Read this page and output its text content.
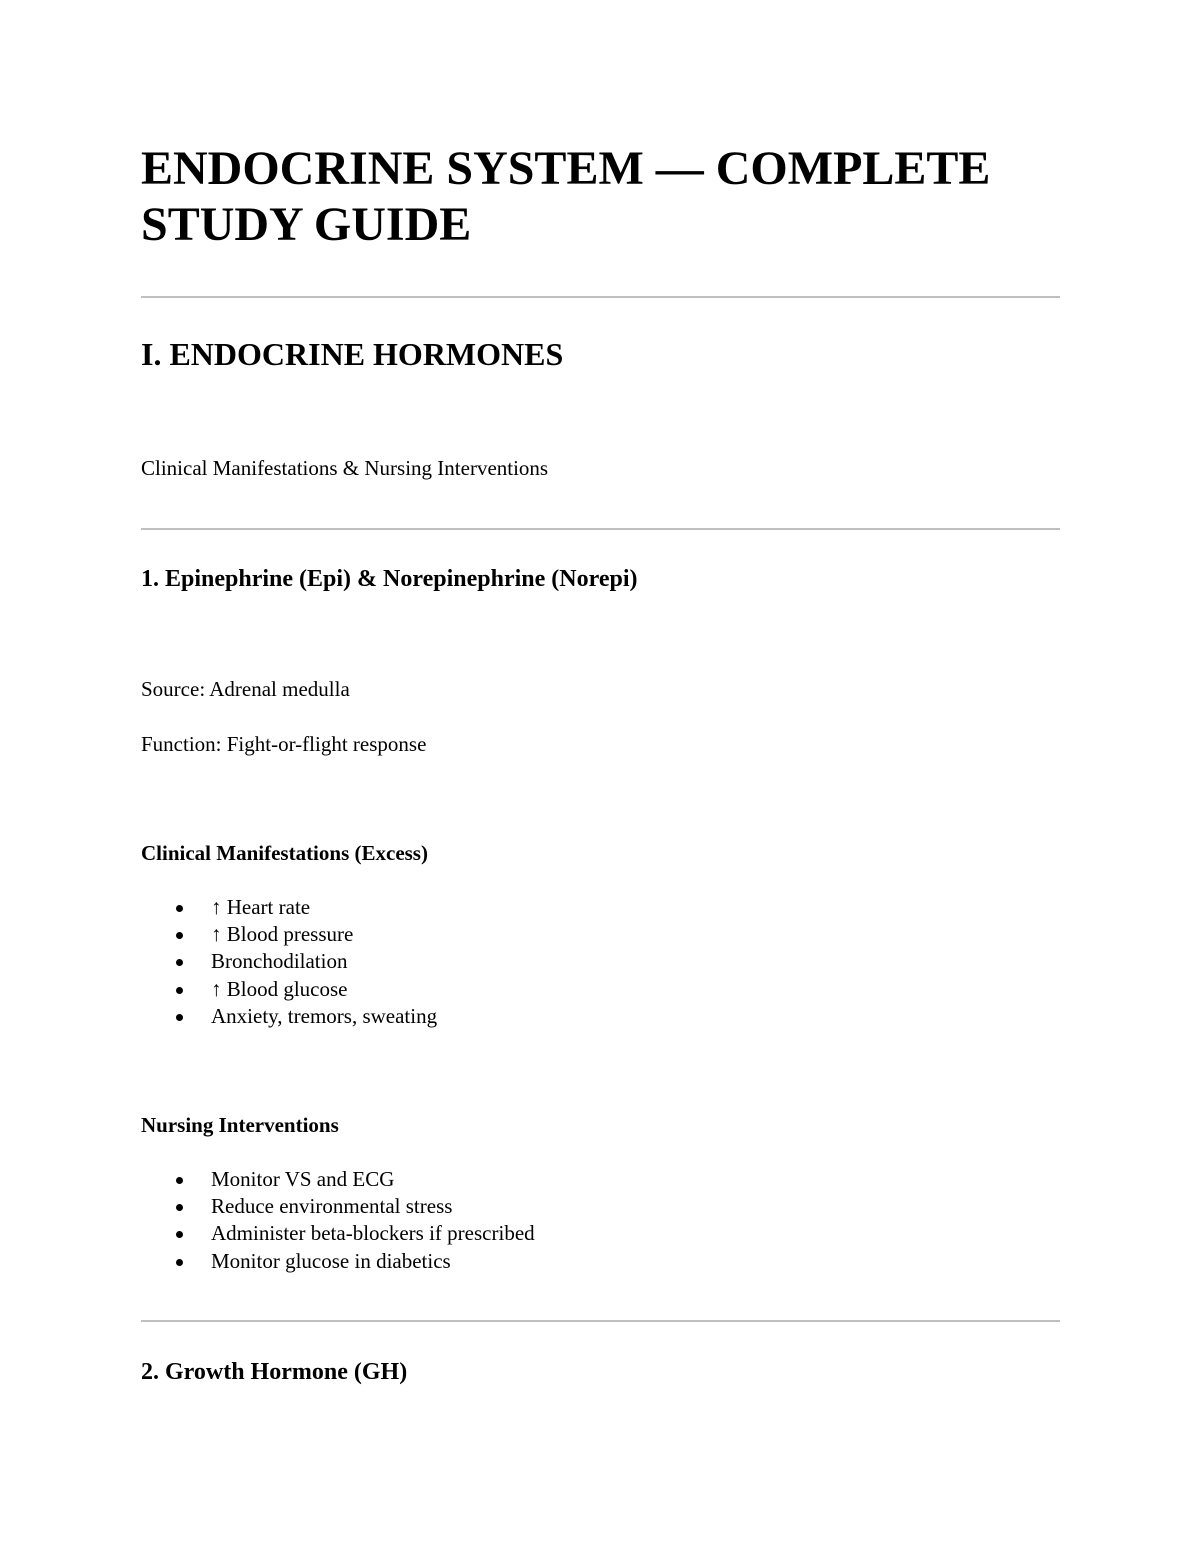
ENDOCRINE SYSTEM — COMPLETE
STUDY GUIDE
I. ENDOCRINE HORMONES

Clinical Manifestations & Nursing Interventions

1. Epinephrine (Epi) & Norepinephrine (Norepi)

Source: Adrenal medulla

Function: Fight-or-flight response

Clinical Manifestations (Excess)

↑ Heart rate
↑ Blood pressure
Bronchodilation
↑ Blood glucose
Anxiety, tremors, sweating

Nursing Interventions

Monitor VS and ECG
Reduce environmental stress
Administer beta-blockers if prescribed
Monitor glucose in diabetics
2. Growth Hormone (GH)
